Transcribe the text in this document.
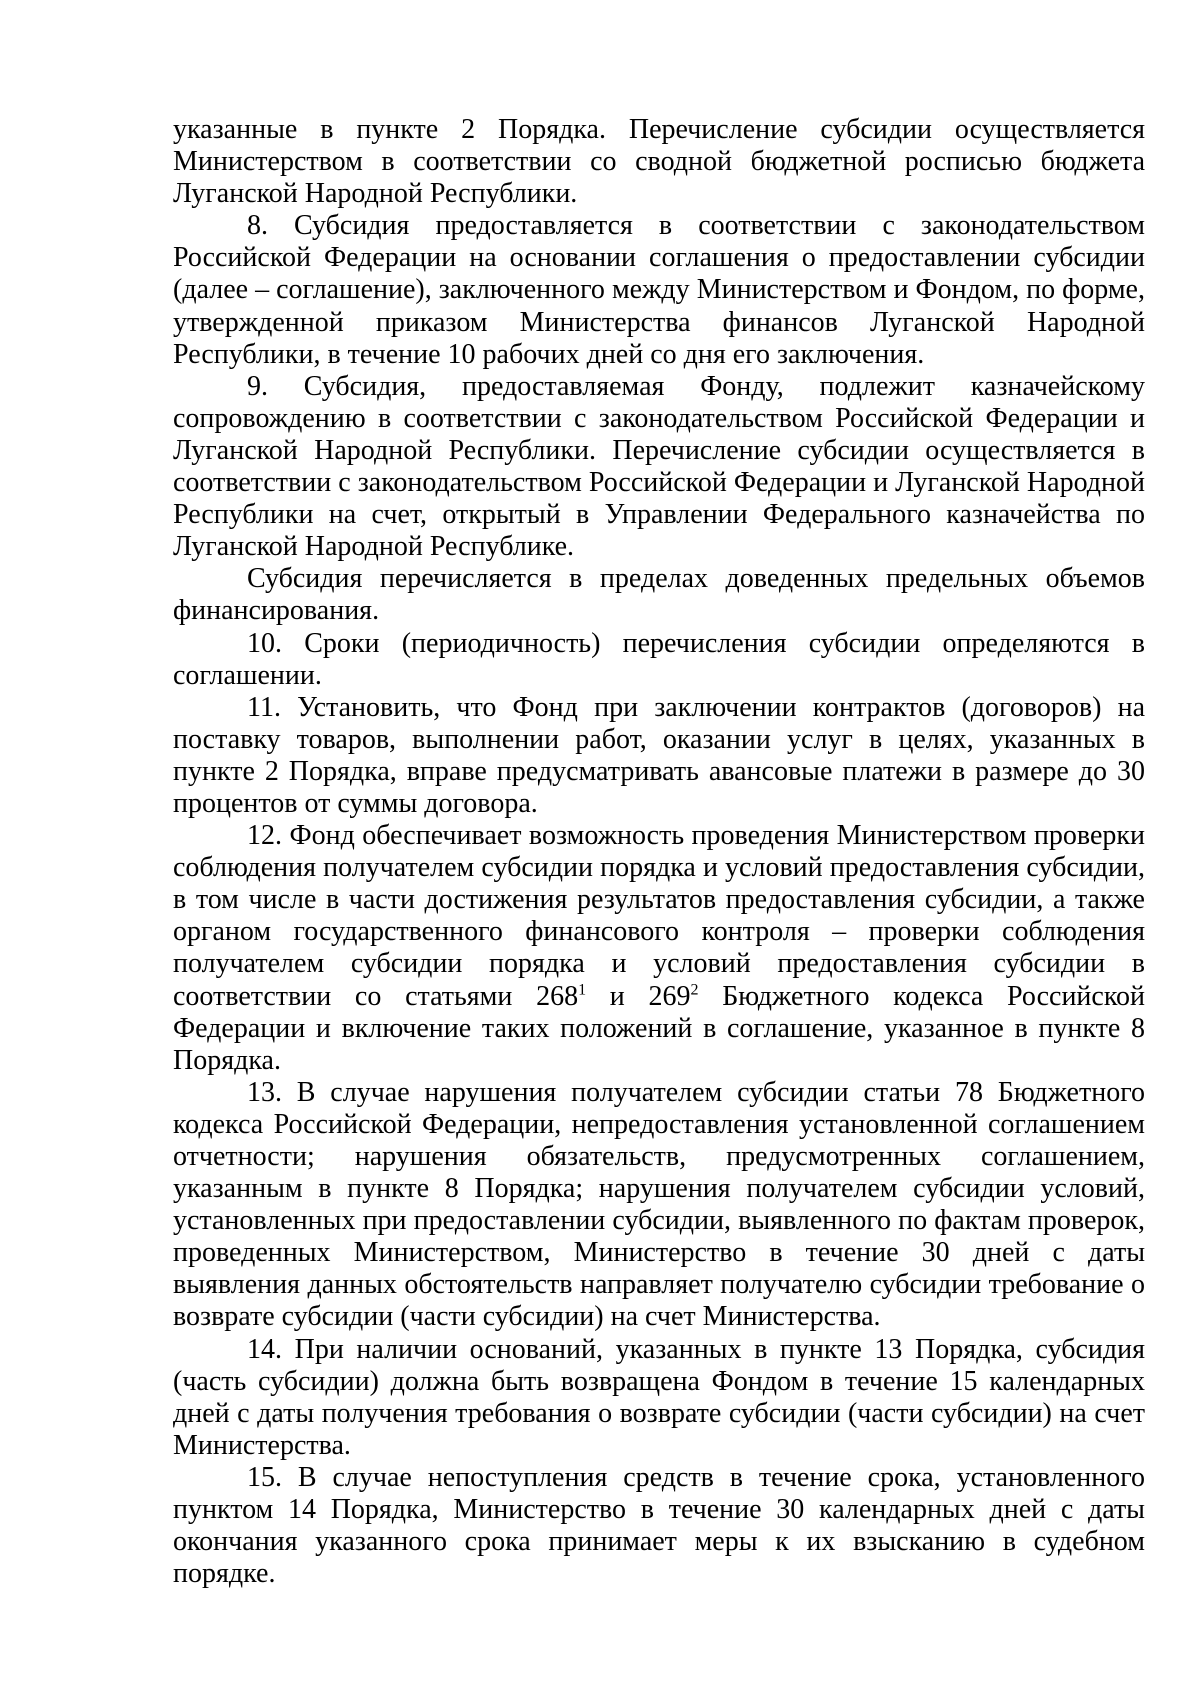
указанные в пункте 2 Порядка. Перечисление субсидии осуществляется Министерством в соответствии со сводной бюджетной росписью бюджета Луганской Народной Республики.

8. Субсидия предоставляется в соответствии с законодательством Российской Федерации на основании соглашения о предоставлении субсидии (далее – соглашение), заключенного между Министерством и Фондом, по форме, утвержденной приказом Министерства финансов Луганской Народной Республики, в течение 10 рабочих дней со дня его заключения.

9. Субсидия, предоставляемая Фонду, подлежит казначейскому сопровождению в соответствии с законодательством Российской Федерации и Луганской Народной Республики. Перечисление субсидии осуществляется в соответствии с законодательством Российской Федерации и Луганской Народной Республики на счет, открытый в Управлении Федерального казначейства по Луганской Народной Республике.

Субсидия перечисляется в пределах доведенных предельных объемов финансирования.

10. Сроки (периодичность) перечисления субсидии определяются в соглашении.

11. Установить, что Фонд при заключении контрактов (договоров) на поставку товаров, выполнении работ, оказании услуг в целях, указанных в пункте 2 Порядка, вправе предусматривать авансовые платежи в размере до 30 процентов от суммы договора.

12. Фонд обеспечивает возможность проведения Министерством проверки соблюдения получателем субсидии порядка и условий предоставления субсидии, в том числе в части достижения результатов предоставления субсидии, а также органом государственного финансового контроля – проверки соблюдения получателем субсидии порядка и условий предоставления субсидии в соответствии со статьями $268^1$ и $269^2$ Бюджетного кодекса Российской Федерации и включение таких положений в соглашение, указанное в пункте 8 Порядка.

13. В случае нарушения получателем субсидии статьи 78 Бюджетного кодекса Российской Федерации, непредоставления установленной соглашением отчетности; нарушения обязательств, предусмотренных соглашением, указанным в пункте 8 Порядка; нарушения получателем субсидии условий, установленных при предоставлении субсидии, выявленного по фактам проверок, проведенных Министерством, Министерство в течение 30 дней с даты выявления данных обстоятельств направляет получателю субсидии требование о возврате субсидии (части субсидии) на счет Министерства.

14. При наличии оснований, указанных в пункте 13 Порядка, субсидия (часть субсидии) должна быть возвращена Фондом в течение 15 календарных дней с даты получения требования о возврате субсидии (части субсидии) на счет Министерства.

15. В случае непоступления средств в течение срока, установленного пунктом 14 Порядка, Министерство в течение 30 календарных дней с даты окончания указанного срока принимает меры к их взысканию в судебном порядке.
